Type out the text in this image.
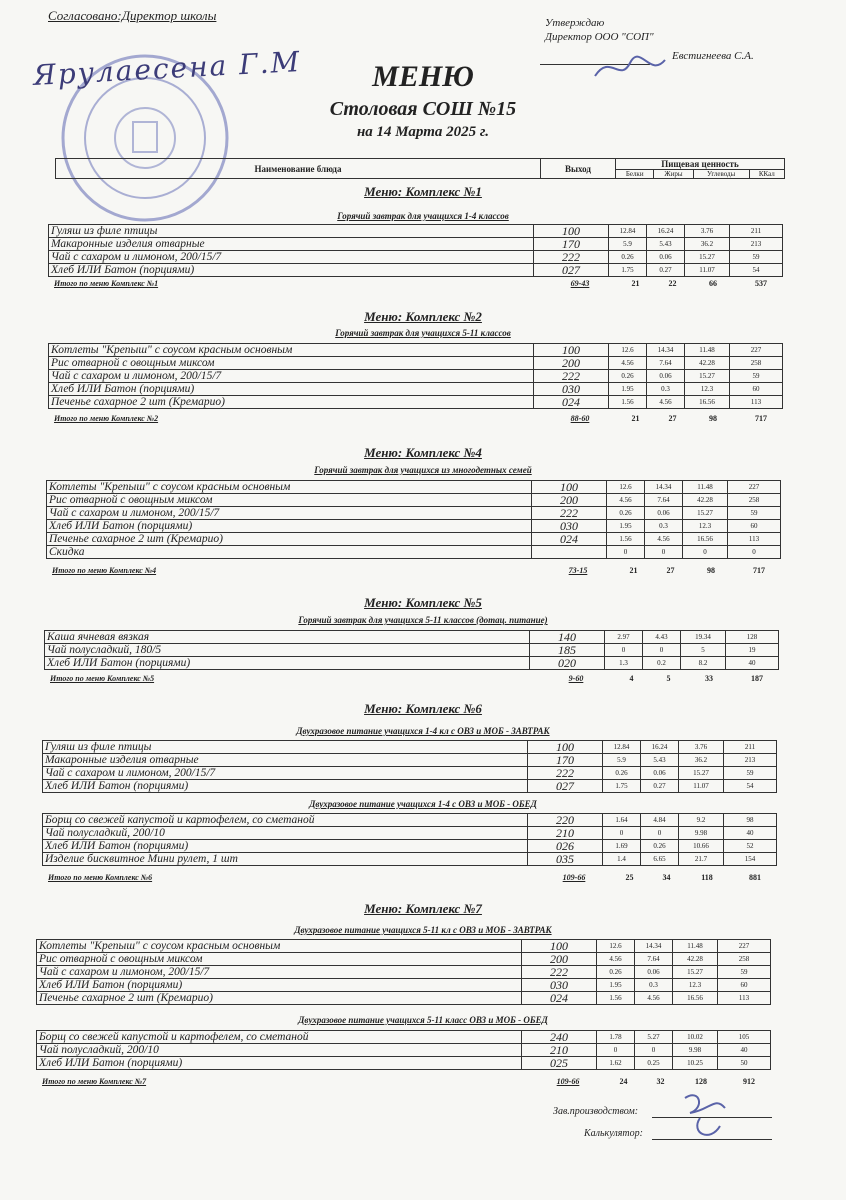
Согласовано:Директор школы
Ярулаесена Г.М
Утверждаю
Директор ООО "СОП"
Евстигнеева С.А.
МЕНЮ
Столовая СОШ №15
на 14 Марта 2025 г.
Наименование блюда	Выход	Пищевая ценность			
		Белки	Жиры	Углеводы	ККал
Меню: Комплекс №1
Горячий завтрак для учащихся 1-4 классов
Гуляш из филе птицы	100	12.84	16.24	3.76	211
Макаронные изделия отварные	170	5.9	5.43	36.2	213
Чай с сахаром и лимоном, 200/15/7	222	0.26	0.06	15.27	59
Хлеб ИЛИ Батон (порциями)	027	1.75	0.27	11.07	54
Итого по меню Комплекс №1	69-43	21	22	66	537
Меню: Комплекс №2
Горячий завтрак для учащихся 5-11 классов
Котлеты "Крепыш" с соусом красным основным	100	12.6	14.34	11.48	227
Рис отварной с овощным миксом	200	4.56	7.64	42.28	258
Чай с сахаром и лимоном, 200/15/7	222	0.26	0.06	15.27	59
Хлеб ИЛИ Батон (порциями)	030	1.95	0.3	12.3	60
Печенье сахарное 2 шт (Кремарио)	024	1.56	4.56	16.56	113
Итого по меню Комплекс №2	88-60	21	27	98	717
Меню: Комплекс №4
Горячий завтрак для учащихся из многодетных семей
Котлеты "Крепыш" с соусом красным основным	100	12.6	14.34	11.48	227
Рис отварной с овощным миксом	200	4.56	7.64	42.28	258
Чай с сахаром и лимоном, 200/15/7	222	0.26	0.06	15.27	59
Хлеб ИЛИ Батон (порциями)	030	1.95	0.3	12.3	60
Печенье сахарное 2 шт (Кремарио)	024	1.56	4.56	16.56	113
Скидка		0	0	0	0
Итого по меню Комплекс №4	73-15	21	27	98	717
Меню: Комплекс №5
Горячий завтрак для учащихся 5-11 классов (дотац. питание)
Каша ячневая вязкая	140	2.97	4.43	19.34	128
Чай полусладкий, 180/5	185	0	0	5	19
Хлеб ИЛИ Батон (порциями)	020	1.3	0.2	8.2	40
Итого по меню Комплекс №5	9-60	4	5	33	187
Меню: Комплекс №6
Двухразовое питание учащихся 1-4 кл с ОВЗ и МОБ - ЗАВТРАК
Гуляш из филе птицы	100	12.84	16.24	3.76	211
Макаронные изделия отварные	170	5.9	5.43	36.2	213
Чай с сахаром и лимоном, 200/15/7	222	0.26	0.06	15.27	59
Хлеб ИЛИ Батон (порциями)	027	1.75	0.27	11.07	54
Двухразовое питание учащихся 1-4 с ОВЗ и МОБ - ОБЕД
Борщ со свежей капустой и картофелем, со сметаной	220	1.64	4.84	9.2	98
Чай полусладкий, 200/10	210	0	0	9.98	40
Хлеб ИЛИ Батон (порциями)	026	1.69	0.26	10.66	52
Изделие бисквитное Мини рулет, 1 шт	035	1.4	6.65	21.7	154
Итого по меню Комплекс №6	109-66	25	34	118	881
Меню: Комплекс №7
Двухразовое питание учащихся 5-11 кл с ОВЗ и МОБ - ЗАВТРАК
Котлеты "Крепыш" с соусом красным основным	100	12.6	14.34	11.48	227
Рис отварной с овощным миксом	200	4.56	7.64	42.28	258
Чай с сахаром и лимоном, 200/15/7	222	0.26	0.06	15.27	59
Хлеб ИЛИ Батон (порциями)	030	1.95	0.3	12.3	60
Печенье сахарное 2 шт (Кремарио)	024	1.56	4.56	16.56	113
Двухразовое питание учащихся 5-11 класс ОВЗ и МОБ - ОБЕД
Борщ со свежей капустой и картофелем, со сметаной	240	1.78	5.27	10.02	105
Чай полусладкий, 200/10	210	0	0	9.98	40
Хлеб ИЛИ Батон (порциями)	025	1.62	0.25	10.25	50
Итого по меню Комплекс №7	109-66	24	32	128	912
Зав.производством:
Калькулятор:
